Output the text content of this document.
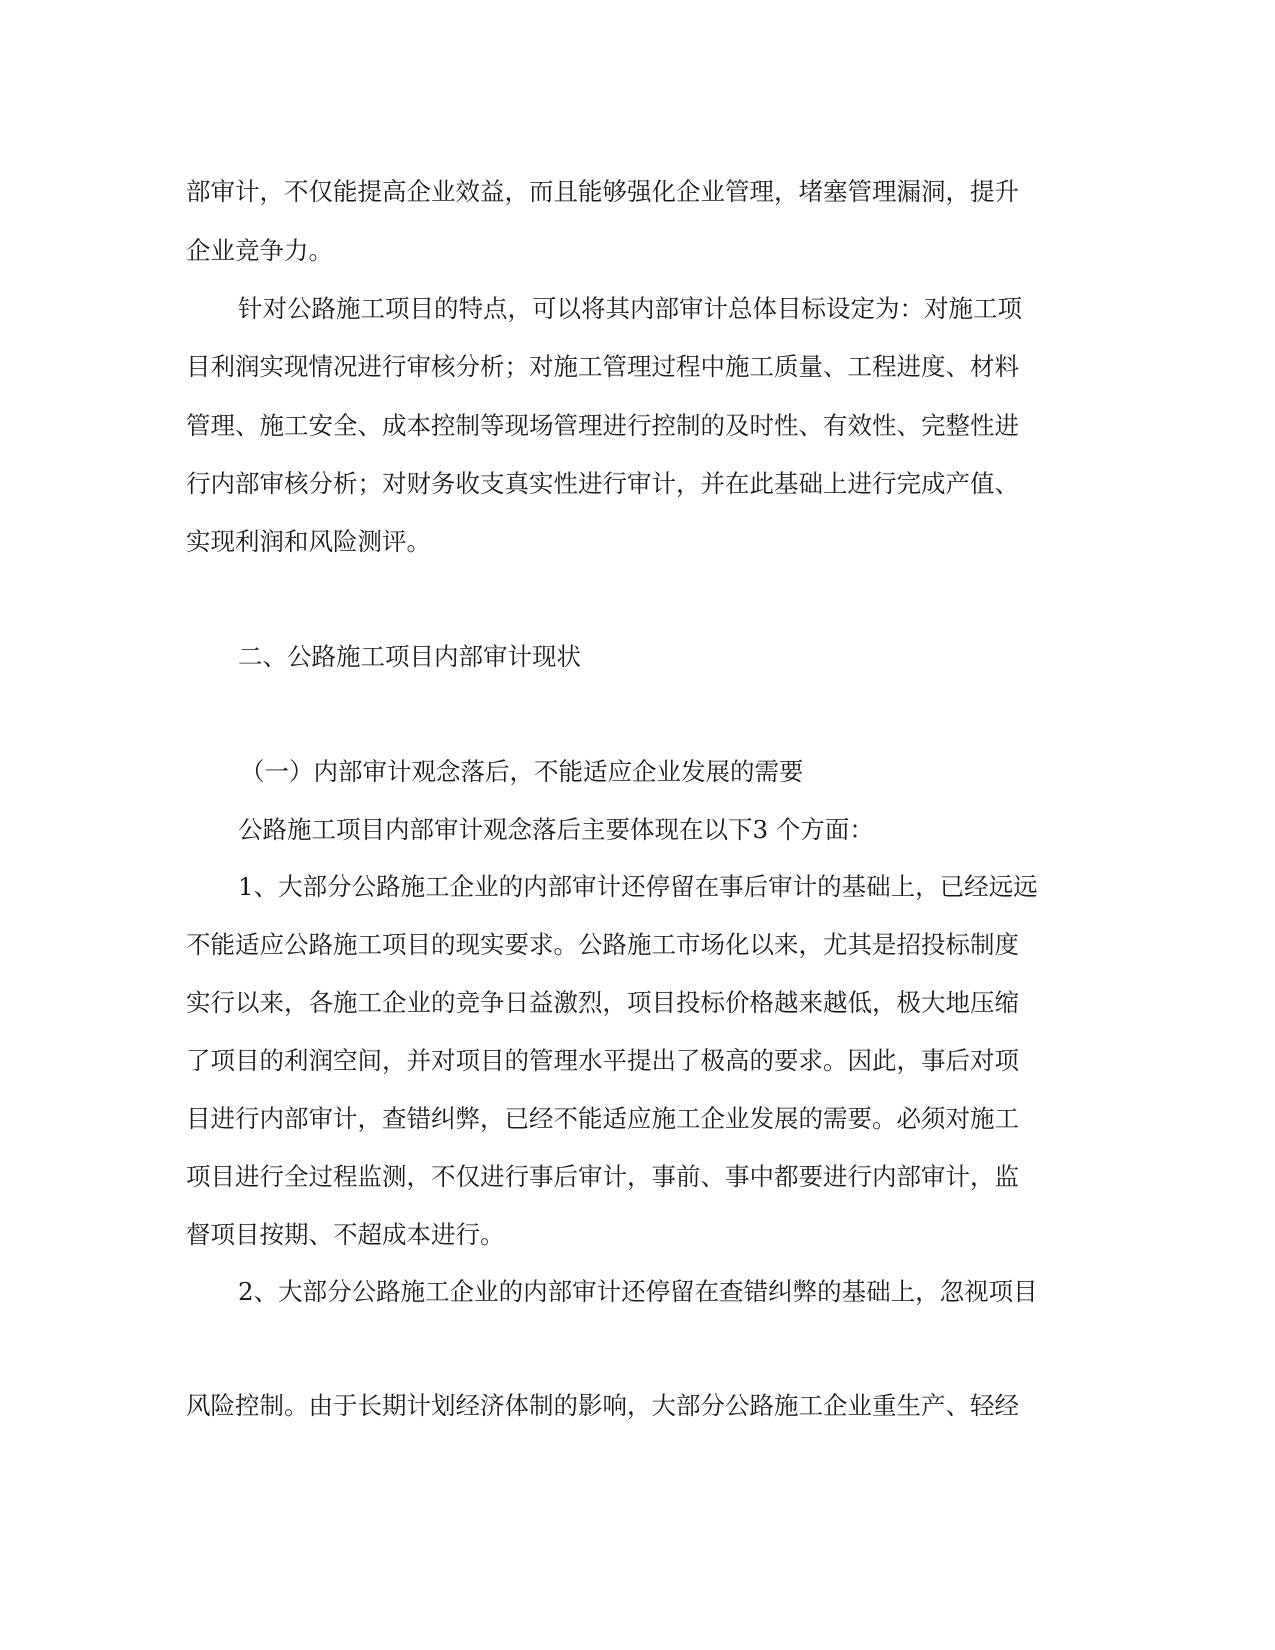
部审计，不仅能提高企业效益，而且能够强化企业管理，堵塞管理漏洞，提升
企业竞争力。
针对公路施工项目的特点，可以将其内部审计总体目标设定为：对施工项
目利润实现情况进行审核分析；对施工管理过程中施工质量、工程进度、材料
管理、施工安全、成本控制等现场管理进行控制的及时性、有效性、完整性进
行内部审核分析；对财务收支真实性进行审计，并在此基础上进行完成产值、
实现利润和风险测评。
二、公路施工项目内部审计现状
（一）内部审计观念落后，不能适应企业发展的需要
公路施工项目内部审计观念落后主要体现在以下3 个方面：
1、大部分公路施工企业的内部审计还停留在事后审计的基础上，已经远远
不能适应公路施工项目的现实要求。公路施工市场化以来，尤其是招投标制度
实行以来，各施工企业的竞争日益激烈，项目投标价格越来越低，极大地压缩
了项目的利润空间，并对项目的管理水平提出了极高的要求。因此，事后对项
目进行内部审计，查错纠弊，已经不能适应施工企业发展的需要。必须对施工
项目进行全过程监测，不仅进行事后审计，事前、事中都要进行内部审计，监
督项目按期、不超成本进行。
2、大部分公路施工企业的内部审计还停留在查错纠弊的基础上，忽视项目
风险控制。由于长期计划经济体制的影响，大部分公路施工企业重生产、轻经
